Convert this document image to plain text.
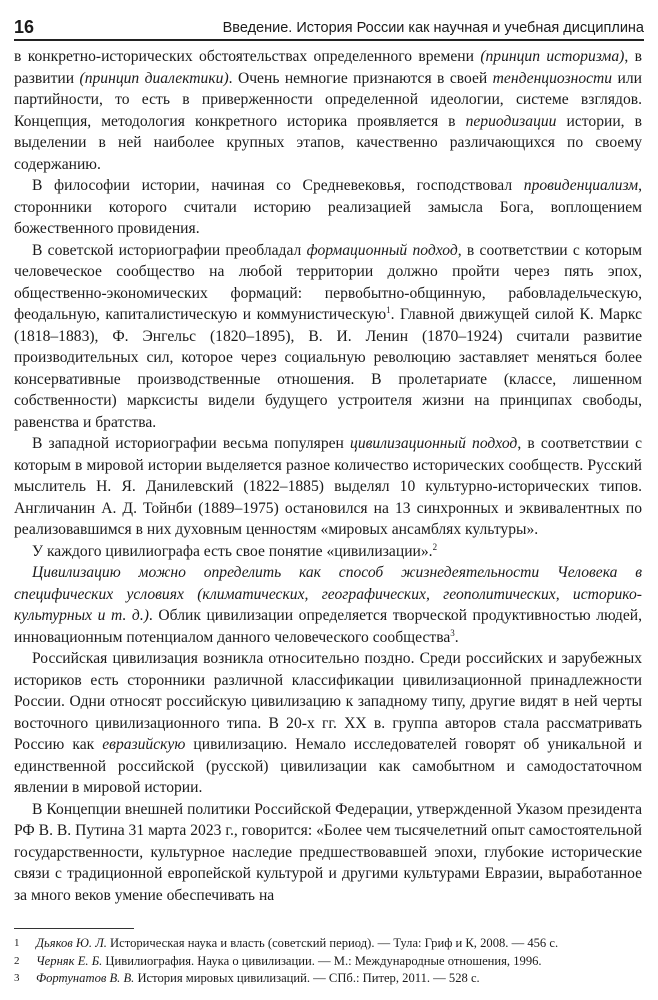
16	Введение. История России как научная и учебная дисциплина

в конкретно-исторических обстоятельствах определенного времени (принцип историзма), в развитии (принцип диалектики). Очень немногие признаются в своей тенденциозности или партийности, то есть в приверженности определенной идеологии, системе взглядов. Концепция, методология конкретного историка проявляется в периодизации истории, в выделении в ней наиболее крупных этапов, качественно различающихся по своему содержанию.

В философии истории, начиная со Средневековья, господствовал провиденциализм, сторонники которого считали историю реализацией замысла Бога, воплощением божественного провидения.

В советской историографии преобладал формационный подход, в соответствии с которым человеческое сообщество на любой территории должно пройти через пять эпох, общественно-экономических формаций: первобытно-общинную, рабовладельческую, феодальную, капиталистическую и коммунистическую$^1$. Главной движущей силой К. Маркс (1818–1883), Ф. Энгельс (1820–1895), В. И. Ленин (1870–1924) считали развитие производительных сил, которое через социальную революцию заставляет меняться более консервативные производственные отношения. В пролетариате (классе, лишенном собственности) марксисты видели будущего устроителя жизни на принципах свободы, равенства и братства.

В западной историографии весьма популярен цивилизационный подход, в соответствии с которым в мировой истории выделяется разное количество исторических сообществ. Русский мыслитель Н. Я. Данилевский (1822–1885) выделял 10 культурно-исторических типов. Англичанин А. Д. Тойнби (1889–1975) остановился на 13 синхронных и эквивалентных по реализовавшимся в них духовным ценностям «мировых ансамблях культуры».

У каждого цивилиографа есть свое понятие «цивилизации».$^2$

Цивилизацию можно определить как способ жизнедеятельности Человека в специфических условиях (климатических, географических, геополитических, историко-культурных и т. д.). Облик цивилизации определяется творческой продуктивностью людей, инновационным потенциалом данного человеческого сообщества$^3$.

Российская цивилизация возникла относительно поздно. Среди российских и зарубежных историков есть сторонники различной классификации цивилизационной принадлежности России. Одни относят российскую цивилизацию к западному типу, другие видят в ней черты восточного цивилизационного типа. В 20-х гг. XX в. группа авторов стала рассматривать Россию как евразийскую цивилизацию. Немало исследователей говорят об уникальной и единственной российской (русской) цивилизации как самобытном и самодостаточном явлении в мировой истории.

В Концепции внешней политики Российской Федерации, утвержденной Указом президента РФ В. В. Путина 31 марта 2023 г., говорится: «Более чем тысячелетний опыт самостоятельной государственности, культурное наследие предшествовавшей эпохи, глубокие исторические связи с традиционной европейской культурой и другими культурами Евразии, выработанное за много веков умение обеспечивать на

1	Дьяков Ю. Л. Историческая наука и власть (советский период). — Тула: Гриф и К, 2008. — 456 с.
2	Черняк Е. Б. Цивилиография. Наука о цивилизации. — М.: Международные отношения, 1996.
3	Фортунатов В. В. История мировых цивилизаций. — СПб.: Питер, 2011. — 528 с.
